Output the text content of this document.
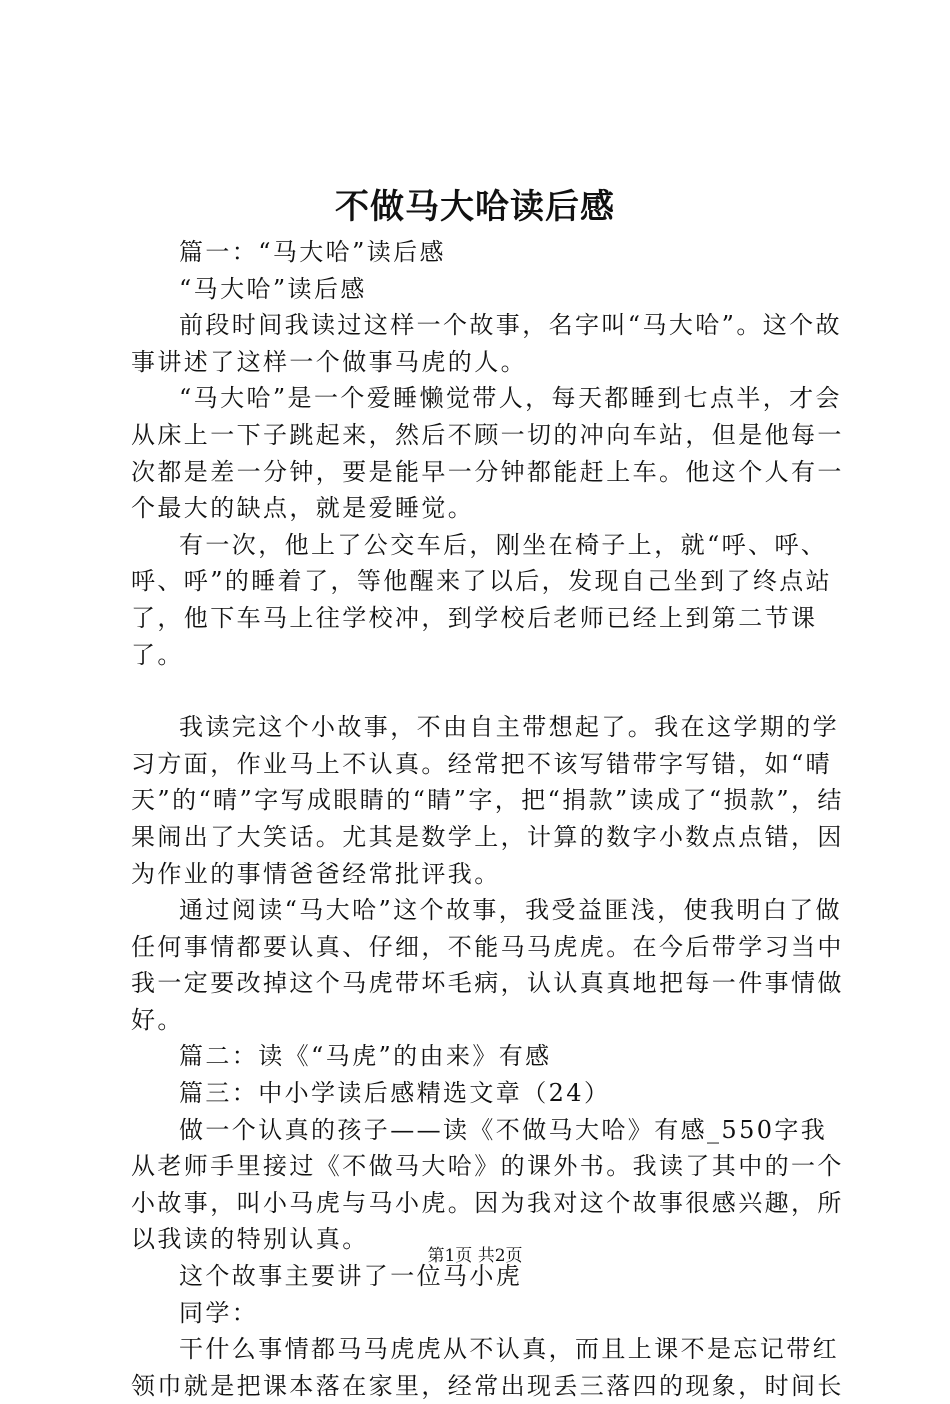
不做马大哈读后感

篇一：“马大哈”读后感

“马大哈”读后感

前段时间我读过这样一个故事，名字叫“马大哈”。这个故事讲述了这样一个做事马虎的人。

“马大哈”是一个爱睡懒觉带人，每天都睡到七点半，才会从床上一下子跳起来，然后不顾一切的冲向车站，但是他每一次都是差一分钟，要是能早一分钟都能赶上车。他这个人有一个最大的缺点，就是爱睡觉。

有一次，他上了公交车后，刚坐在椅子上，就“呼、呼、呼、呼”的睡着了，等他醒来了以后，发现自己坐到了终点站了，他下车马上往学校冲，到学校后老师已经上到第二节课了。

我读完这个小故事，不由自主带想起了。我在这学期的学习方面，作业马上不认真。经常把不该写错带字写错，如“晴天”的“晴”字写成眼睛的“睛”字，把“捐款”读成了“损款”，结果闹出了大笑话。尤其是数学上，计算的数字小数点点错，因为作业的事情爸爸经常批评我。

通过阅读“马大哈”这个故事，我受益匪浅，使我明白了做任何事情都要认真、仔细，不能马马虎虎。在今后带学习当中我一定要改掉这个马虎带坏毛病，认认真真地把每一件事情做好。

篇二：读《“马虎”的由来》有感

篇三：中小学读后感精选文章（24）

做一个认真的孩子——读《不做马大哈》有感_550字我从老师手里接过《不做马大哈》的课外书。我读了其中的一个小故事，叫小马虎与马小虎。因为我对这个故事很感兴趣，所以我读的特别认真。

这个故事主要讲了一位马小虎

同学：

干什么事情都马马虎虎从不认真，而且上课不是忘记带红领巾就是把课本落在家里，经常出现丢三落四的现象，时间长

第1页 共2页
